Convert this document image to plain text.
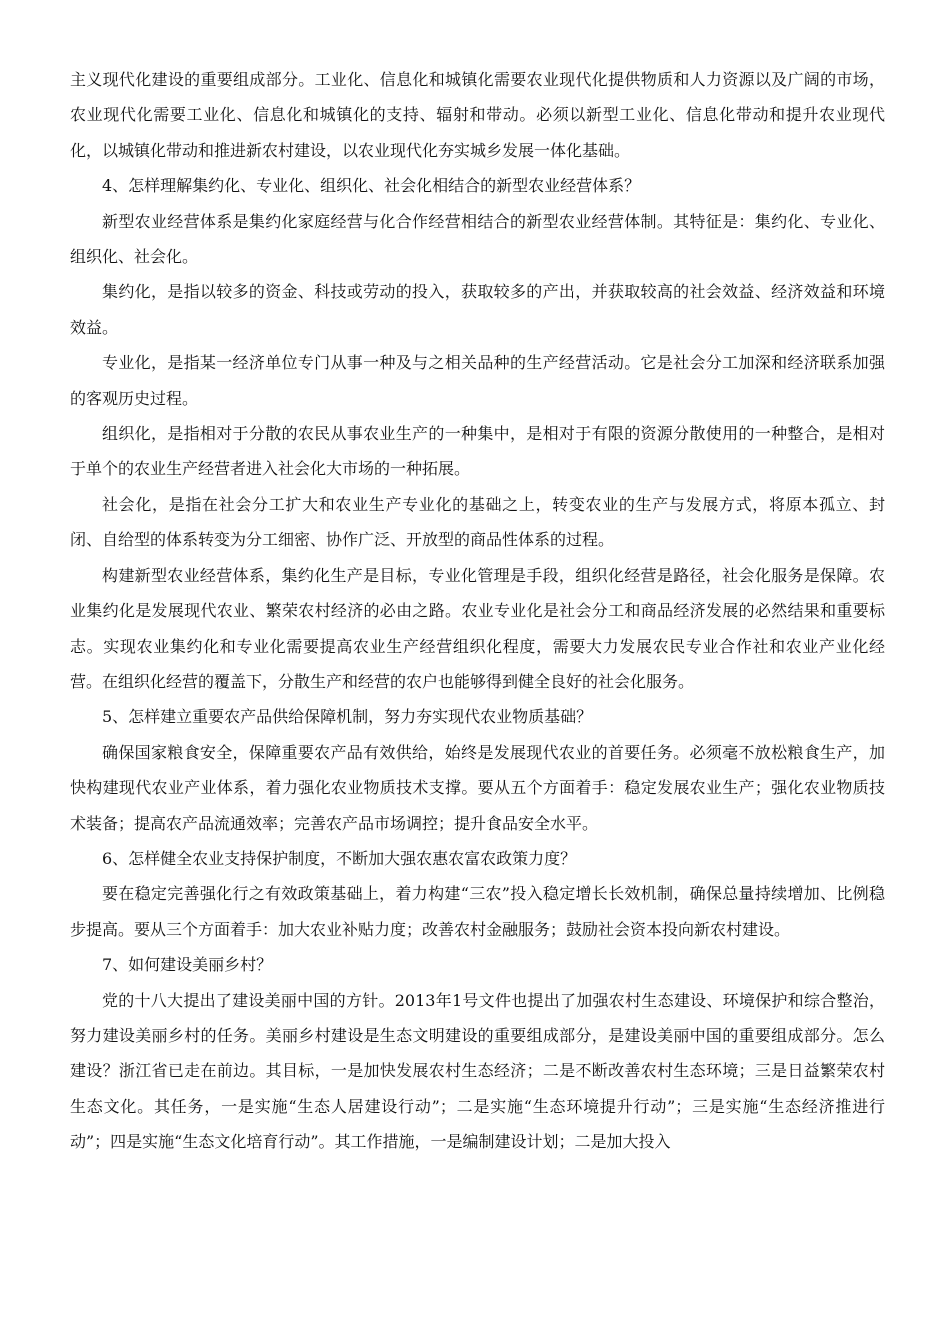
主义现代化建设的重要组成部分。工业化、信息化和城镇化需要农业现代化提供物质和人力资源以及广阔的市场，农业现代化需要工业化、信息化和城镇化的支持、辐射和带动。必须以新型工业化、信息化带动和提升农业现代化，以城镇化带动和推进新农村建设，以农业现代化夯实城乡发展一体化基础。

4、怎样理解集约化、专业化、组织化、社会化相结合的新型农业经营体系？

新型农业经营体系是集约化家庭经营与化合作经营相结合的新型农业经营体制。其特征是：集约化、专业化、组织化、社会化。

集约化，是指以较多的资金、科技或劳动的投入，获取较多的产出，并获取较高的社会效益、经济效益和环境效益。

专业化，是指某一经济单位专门从事一种及与之相关品种的生产经营活动。它是社会分工加深和经济联系加强的客观历史过程。

组织化，是指相对于分散的农民从事农业生产的一种集中，是相对于有限的资源分散使用的一种整合，是相对于单个的农业生产经营者进入社会化大市场的一种拓展。

社会化，是指在社会分工扩大和农业生产专业化的基础之上，转变农业的生产与发展方式，将原本孤立、封闭、自给型的体系转变为分工细密、协作广泛、开放型的商品性体系的过程。

构建新型农业经营体系，集约化生产是目标，专业化管理是手段，组织化经营是路径，社会化服务是保障。农业集约化是发展现代农业、繁荣农村经济的必由之路。农业专业化是社会分工和商品经济发展的必然结果和重要标志。实现农业集约化和专业化需要提高农业生产经营组织化程度，需要大力发展农民专业合作社和农业产业化经营。在组织化经营的覆盖下，分散生产和经营的农户也能够得到健全良好的社会化服务。

5、怎样建立重要农产品供给保障机制，努力夯实现代农业物质基础？

确保国家粮食安全，保障重要农产品有效供给，始终是发展现代农业的首要任务。必须毫不放松粮食生产，加快构建现代农业产业体系，着力强化农业物质技术支撑。要从五个方面着手：稳定发展农业生产；强化农业物质技术装备；提高农产品流通效率；完善农产品市场调控；提升食品安全水平。

6、怎样健全农业支持保护制度，不断加大强农惠农富农政策力度？

要在稳定完善强化行之有效政策基础上，着力构建“三农”投入稳定增长长效机制，确保总量持续增加、比例稳步提高。要从三个方面着手：加大农业补贴力度；改善农村金融服务；鼓励社会资本投向新农村建设。

7、如何建设美丽乡村？

党的十八大提出了建设美丽中国的方针。2013年1号文件也提出了加强农村生态建设、环境保护和综合整治，努力建设美丽乡村的任务。美丽乡村建设是生态文明建设的重要组成部分，是建设美丽中国的重要组成部分。怎么建设？浙江省已走在前边。其目标，一是加快发展农村生态经济；二是不断改善农村生态环境；三是日益繁荣农村生态文化。其任务，一是实施“生态人居建设行动”；二是实施“生态环境提升行动”；三是实施“生态经济推进行动”；四是实施“生态文化培育行动”。其工作措施，一是编制建设计划；二是加大投入
